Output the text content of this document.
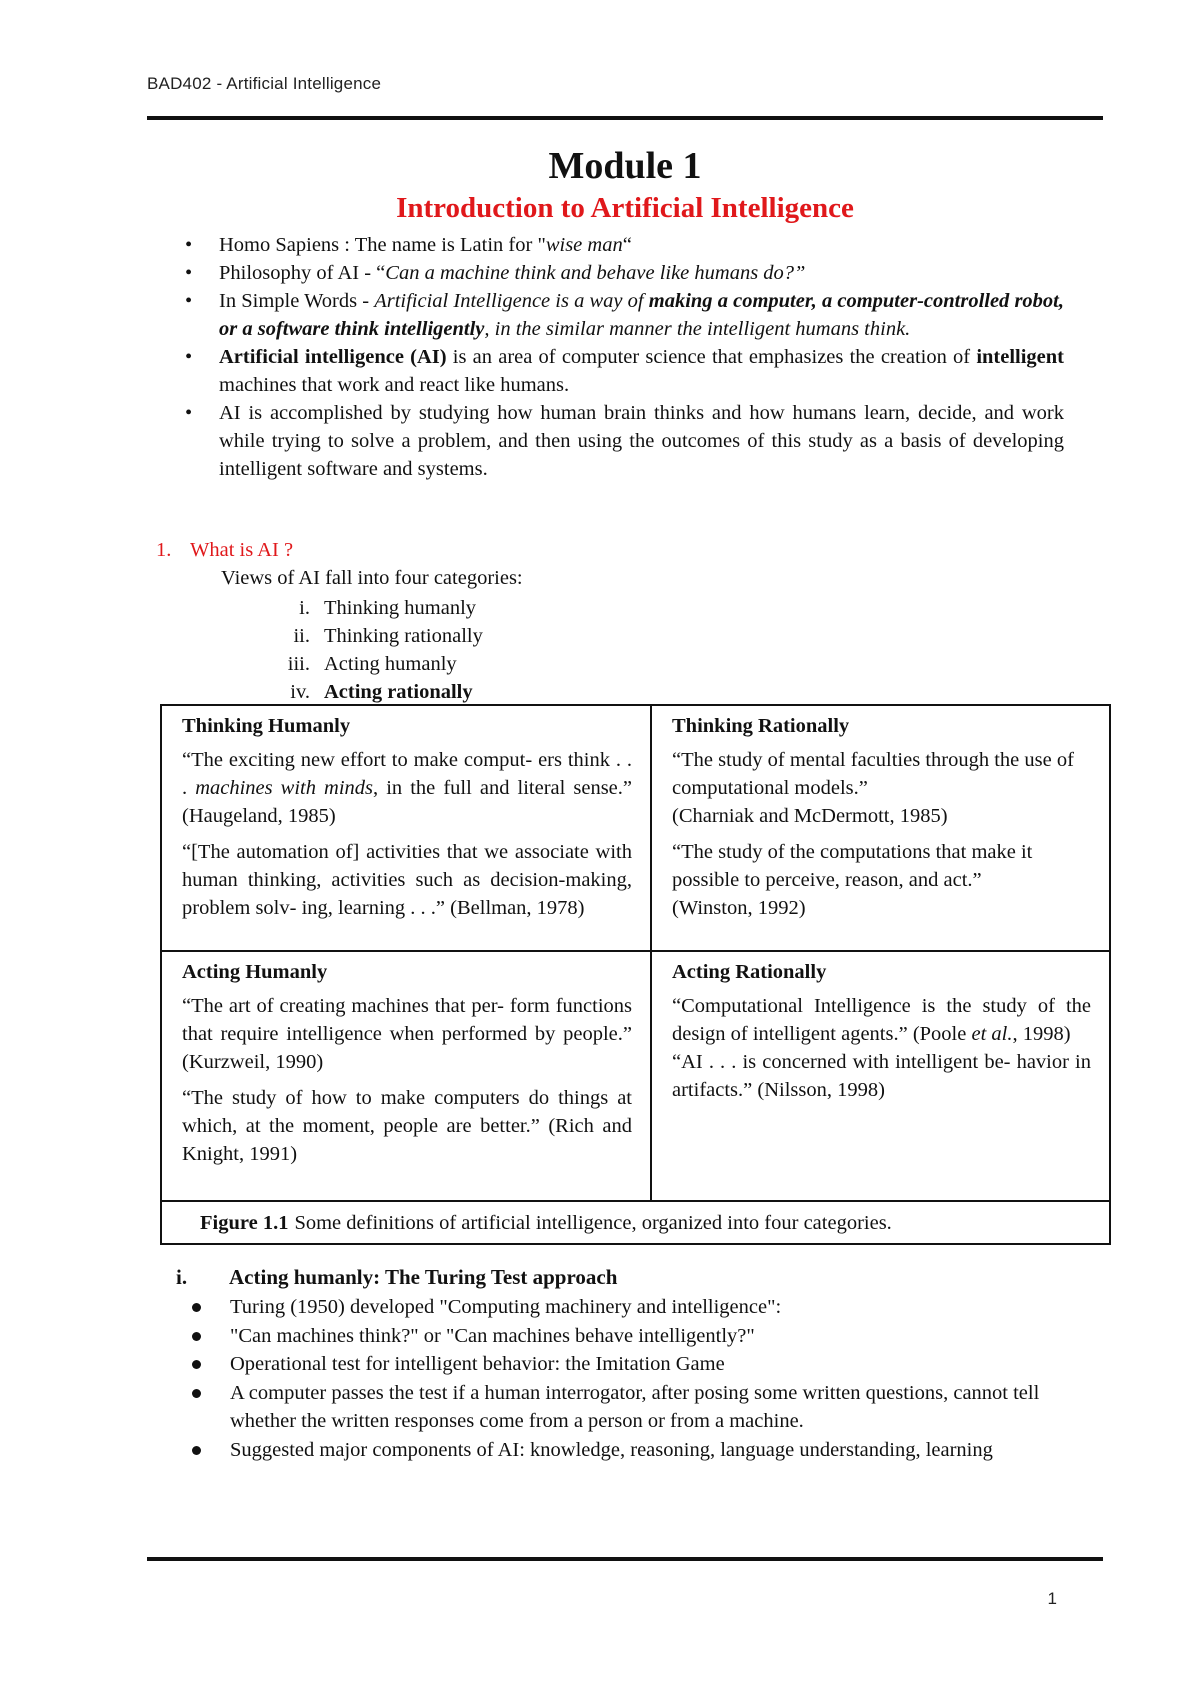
BAD402 - Artificial Intelligence
Module 1
Introduction to Artificial Intelligence
• Homo Sapiens : The name is Latin for "wise man“
• Philosophy of AI - “Can a machine think and behave like humans do?”
• In Simple Words - Artificial Intelligence is a way of making a computer, a computer-controlled robot, or a software think intelligently, in the similar manner the intelligent humans think.
• Artificial intelligence (AI) is an area of computer science that emphasizes the creation of intelligent machines that work and react like humans.
• AI is accomplished by studying how human brain thinks and how humans learn, decide, and work while trying to solve a problem, and then using the outcomes of this study as a basis of developing intelligent software and systems.
1. What is AI ?
Views of AI fall into four categories:
i. Thinking humanly
ii. Thinking rationally
iii. Acting humanly
iv. Acting rationally
Thinking Humanly

“The exciting new effort to make comput- ers think . . . machines with minds, in the full and literal sense.” (Haugeland, 1985)

“[The automation of] activities that we associate with human thinking, activities such as decision-making, problem solv- ing, learning . . .” (Bellman, 1978)

Thinking Rationally

“The study of mental faculties through the use of computational models.”
(Charniak and McDermott, 1985)

“The study of the computations that make it possible to perceive, reason, and act.”
(Winston, 1992)

Acting Humanly

“The art of creating machines that per- form functions that require intelligence when performed by people.” (Kurzweil, 1990)

“The study of how to make computers do things at which, at the moment, people are better.” (Rich and Knight, 1991)

Acting Rationally

“Computational Intelligence is the study of the design of intelligent agents.” (Poole et al., 1998)

“AI . . . is concerned with intelligent be- havior in artifacts.” (Nilsson, 1998)

Figure 1.1 Some definitions of artificial intelligence, organized into four categories.
i. Acting humanly: The Turing Test approach
Turing (1950) developed "Computing machinery and intelligence":
"Can machines think?" or "Can machines behave intelligently?"
Operational test for intelligent behavior: the Imitation Game
A computer passes the test if a human interrogator, after posing some written questions, cannot tell whether the written responses come from a person or from a machine.
Suggested major components of AI: knowledge, reasoning, language understanding, learning
1
